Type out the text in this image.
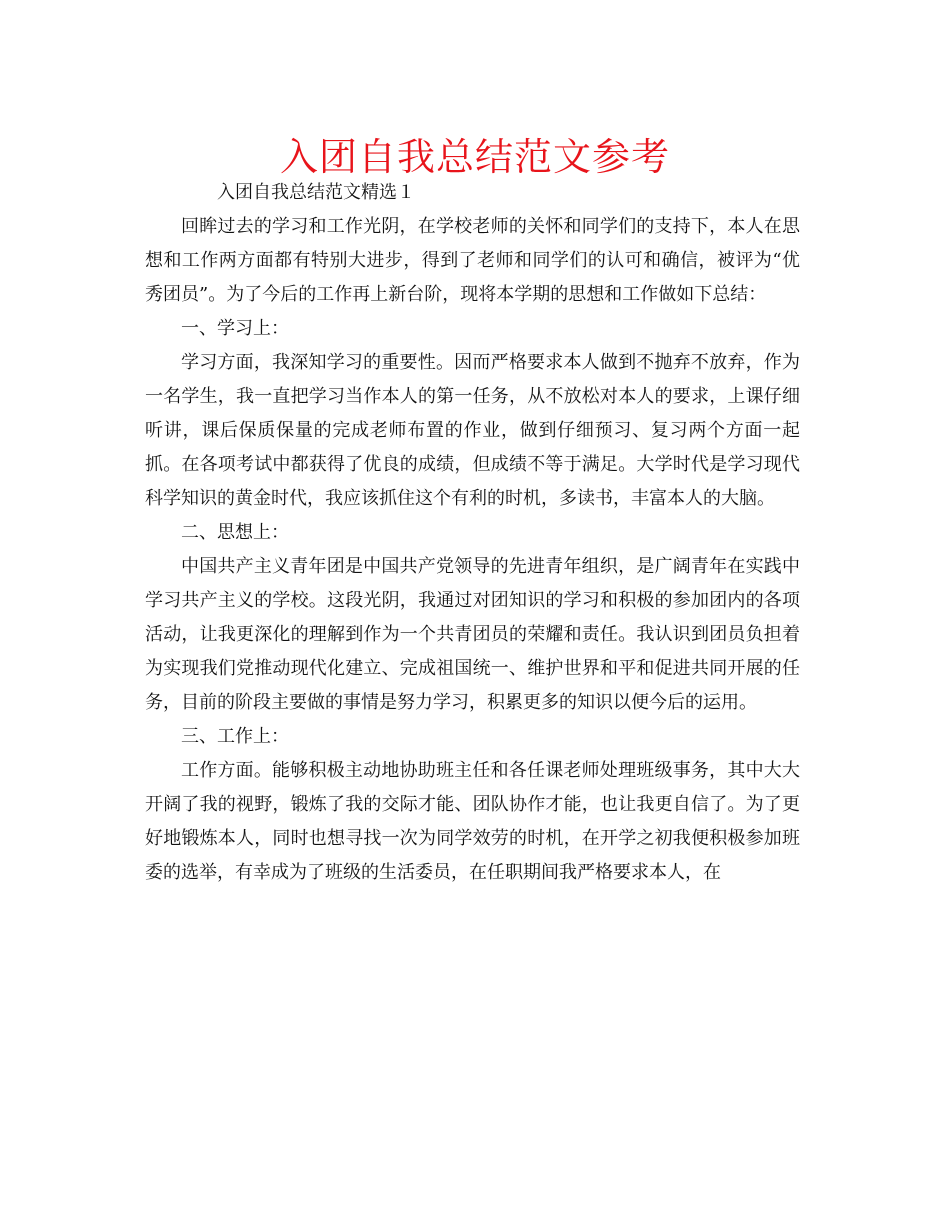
入团自我总结范文参考

入团自我总结范文精选１

回眸过去的学习和工作光阴，在学校老师的关怀和同学们的支持下，本人在思想和工作两方面都有特别大进步，得到了老师和同学们的认可和确信，被评为“优秀团员”。为了今后的工作再上新台阶，现将本学期的思想和工作做如下总结：

一、学习上：

学习方面，我深知学习的重要性。因而严格要求本人做到不抛弃不放弃，作为一名学生，我一直把学习当作本人的第一任务，从不放松对本人的要求，上课仔细听讲，课后保质保量的完成老师布置的作业，做到仔细预习、复习两个方面一起抓。在各项考试中都获得了优良的成绩，但成绩不等于满足。大学时代是学习现代科学知识的黄金时代，我应该抓住这个有利的时机，多读书，丰富本人的大脑。

二、思想上：

中国共产主义青年团是中国共产党领导的先进青年组织，是广阔青年在实践中学习共产主义的学校。这段光阴，我通过对团知识的学习和积极的参加团内的各项活动，让我更深化的理解到作为一个共青团员的荣耀和责任。我认识到团员负担着为实现我们党推动现代化建立、完成祖国统一、维护世界和平和促进共同开展的任务，目前的阶段主要做的事情是努力学习，积累更多的知识以便今后的运用。

三、工作上：

工作方面。能够积极主动地协助班主任和各任课老师处理班级事务，其中大大开阔了我的视野，锻炼了我的交际才能、团队协作才能，也让我更自信了。为了更好地锻炼本人，同时也想寻找一次为同学效劳的时机，在开学之初我便积极参加班委的选举，有幸成为了班级的生活委员，在任职期间我严格要求本人，在
